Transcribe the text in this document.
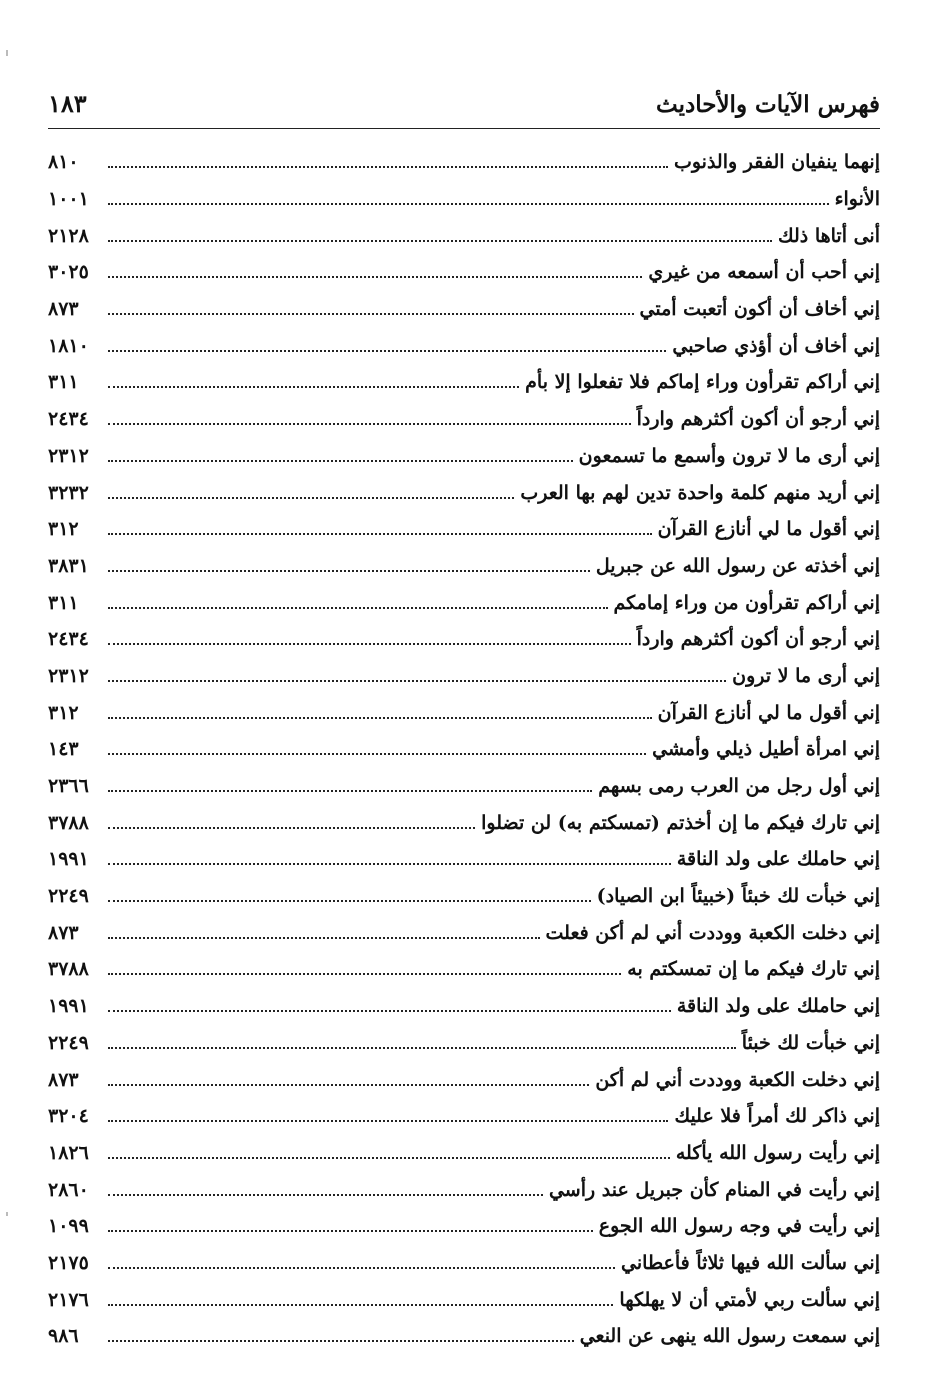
فهرس الآيات والأحاديث
١٨٣
إنهما ينفيان الفقر والذنوب
٨١٠
الأنواء
١٠٠١
أنى أتاها ذلك
٢١٢٨
إني أحب أن أسمعه من غيري
٣٠٢٥
إني أخاف أن أكون أتعبت أمتي
٨٧٣
إني أخاف أن أؤذي صاحبي
١٨١٠
إني أراكم تقرأون وراء إماكم فلا تفعلوا إلا بأم
٣١١
إني أرجو أن أكون أكثرهم وارداً
٢٤٣٤
إني أرى ما لا ترون وأسمع ما تسمعون
٢٣١٢
إني أريد منهم كلمة واحدة تدين لهم بها العرب
٣٢٣٢
إني أقول ما لي أنازع القرآن
٣١٢
إني أخذته عن رسول الله عن جبريل
٣٨٣١
إني أراكم تقرأون من وراء إمامكم
٣١١
إني أرجو أن أكون أكثرهم وارداً
٢٤٣٤
إني أرى ما لا ترون
٢٣١٢
إني أقول ما لي أنازع القرآن
٣١٢
إني امرأة أطيل ذيلي وأمشي
١٤٣
إني أول رجل من العرب رمى بسهم
٢٣٦٦
إني تارك فيكم ما إن أخذتم (تمسكتم به) لن تضلوا
٣٧٨٨
إني حاملك على ولد الناقة
١٩٩١
إني خبأت لك خبئاً (خبيئاً ابن الصياد)
٢٢٤٩
إني دخلت الكعبة ووددت أني لم أكن فعلت
٨٧٣
إني تارك فيكم ما إن تمسكتم به
٣٧٨٨
إني حاملك على ولد الناقة
١٩٩١
إني خبأت لك خبئاً
٢٢٤٩
إني دخلت الكعبة ووددت أني لم أكن
٨٧٣
إني ذاكر لك أمراً فلا عليك
٣٢٠٤
إني رأيت رسول الله يأكله
١٨٢٦
إني رأيت في المنام كأن جبريل عند رأسي
٢٨٦٠
إني رأيت في وجه رسول الله الجوع
١٠٩٩
إني سألت الله فيها ثلاثاً فأعطاني
٢١٧٥
إني سألت ربي لأمتي أن لا يهلكها
٢١٧٦
إني سمعت رسول الله ينهى عن النعي
٩٨٦
